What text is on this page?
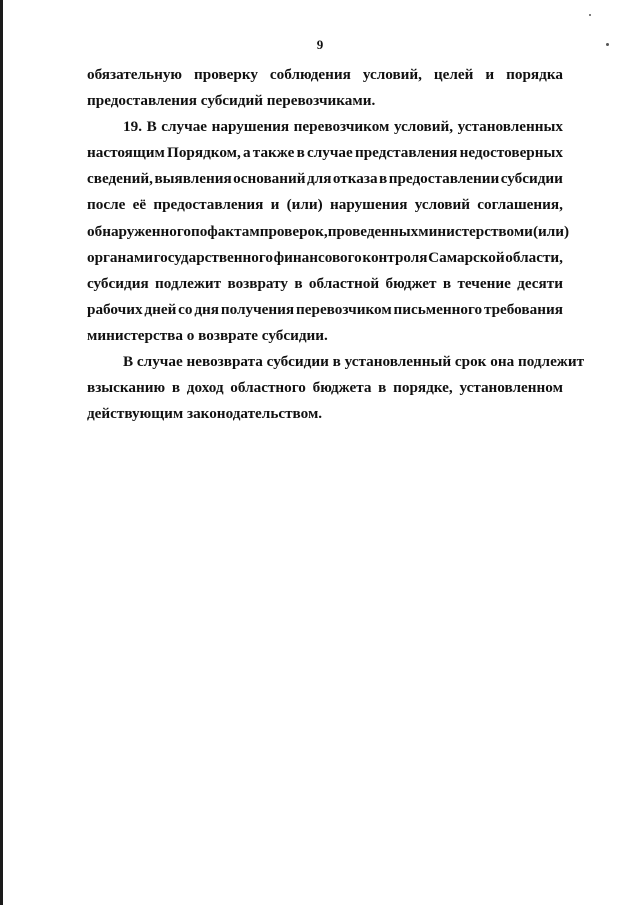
9
обязательную проверку соблюдения условий, целей и порядка
предоставления субсидий перевозчиками.
19. В случае нарушения перевозчиком условий, установленных
настоящим Порядком, а также в случае представления недостоверных
сведений, выявления оснований для отказа в предоставлении субсидии
после её предоставления и (или) нарушения условий соглашения,
обнаруженного по фактам проверок, проведенных министерством и (или)
органами государственного финансового контроля Самарской области,
субсидия подлежит возврату в областной бюджет в течение десяти
рабочих дней со дня получения перевозчиком письменного требования
министерства о возврате субсидии.
В случае невозврата субсидии в установленный срок она подлежит
взысканию в доход областного бюджета в порядке, установленном
действующим законодательством.
